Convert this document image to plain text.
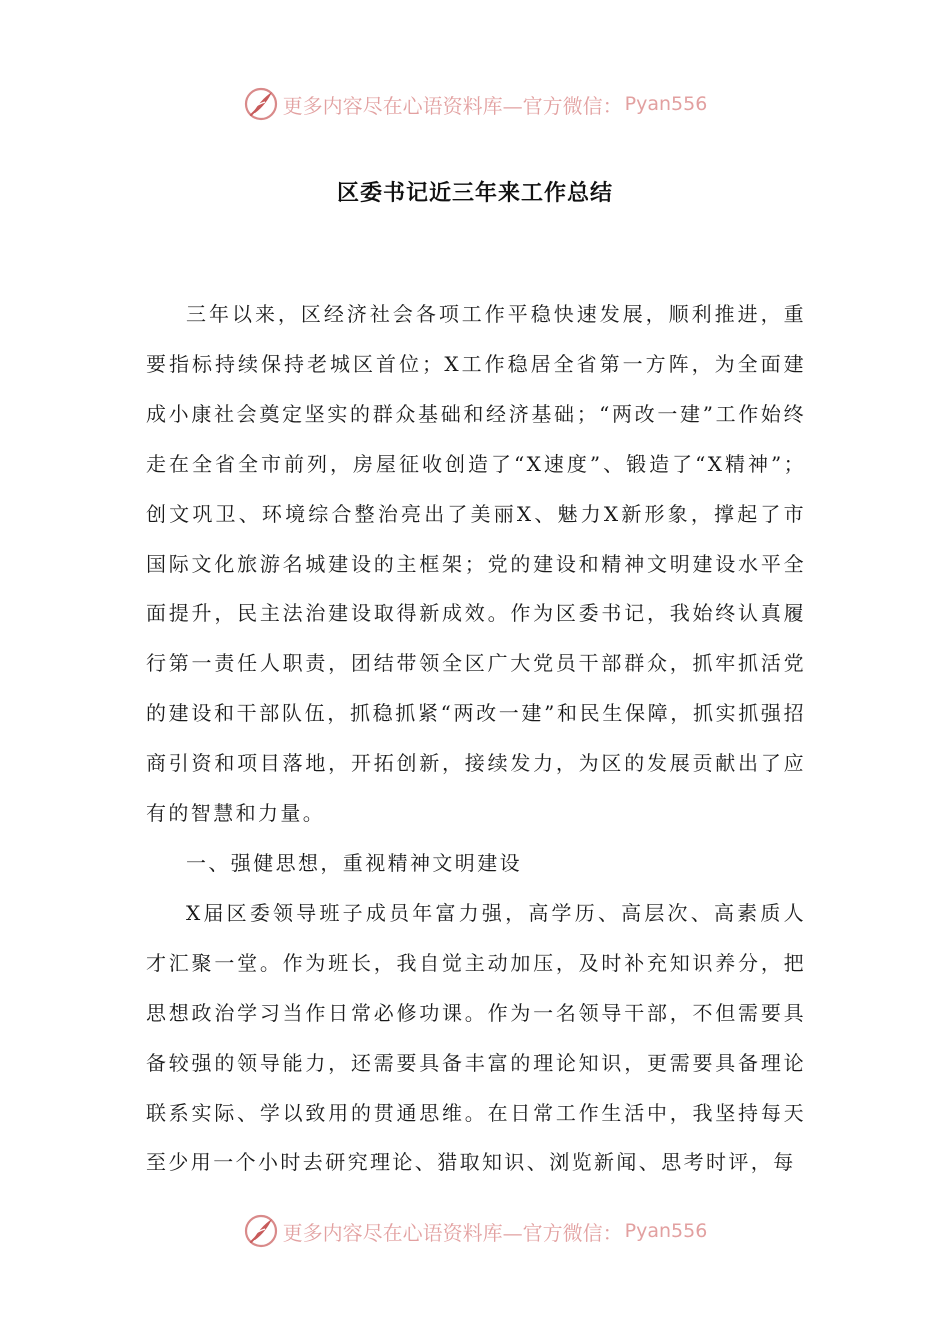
更多内容尽在心语资料库—官方微信： Pyan556
区委书记近三年来工作总结

三年以来，区经济社会各项工作平稳快速发展，顺利推进，重要指标持续保持老城区首位；X工作稳居全省第一方阵，为全面建成小康社会奠定坚实的群众基础和经济基础；“两改一建”工作始终走在全省全市前列，房屋征收创造了“X速度”、锻造了“X精神”；创文巩卫、环境综合整治亮出了美丽X、魅力X新形象，撑起了市国际文化旅游名城建设的主框架；党的建设和精神文明建设水平全面提升，民主法治建设取得新成效。作为区委书记，我始终认真履行第一责任人职责，团结带领全区广大党员干部群众，抓牢抓活党的建设和干部队伍，抓稳抓紧“两改一建”和民生保障，抓实抓强招商引资和项目落地，开拓创新，接续发力，为区的发展贡献出了应有的智慧和力量。

一、强健思想，重视精神文明建设

X届区委领导班子成员年富力强，高学历、高层次、高素质人才汇聚一堂。作为班长，我自觉主动加压，及时补充知识养分，把思想政治学习当作日常必修功课。作为一名领导干部，不但需要具备较强的领导能力，还需要具备丰富的理论知识，更需要具备理论联系实际、学以致用的贯通思维。在日常工作生活中，我坚持每天至少用一个小时去研究理论、猎取知识、浏览新闻、思考时评，每

更多内容尽在心语资料库—官方微信： Pyan556
